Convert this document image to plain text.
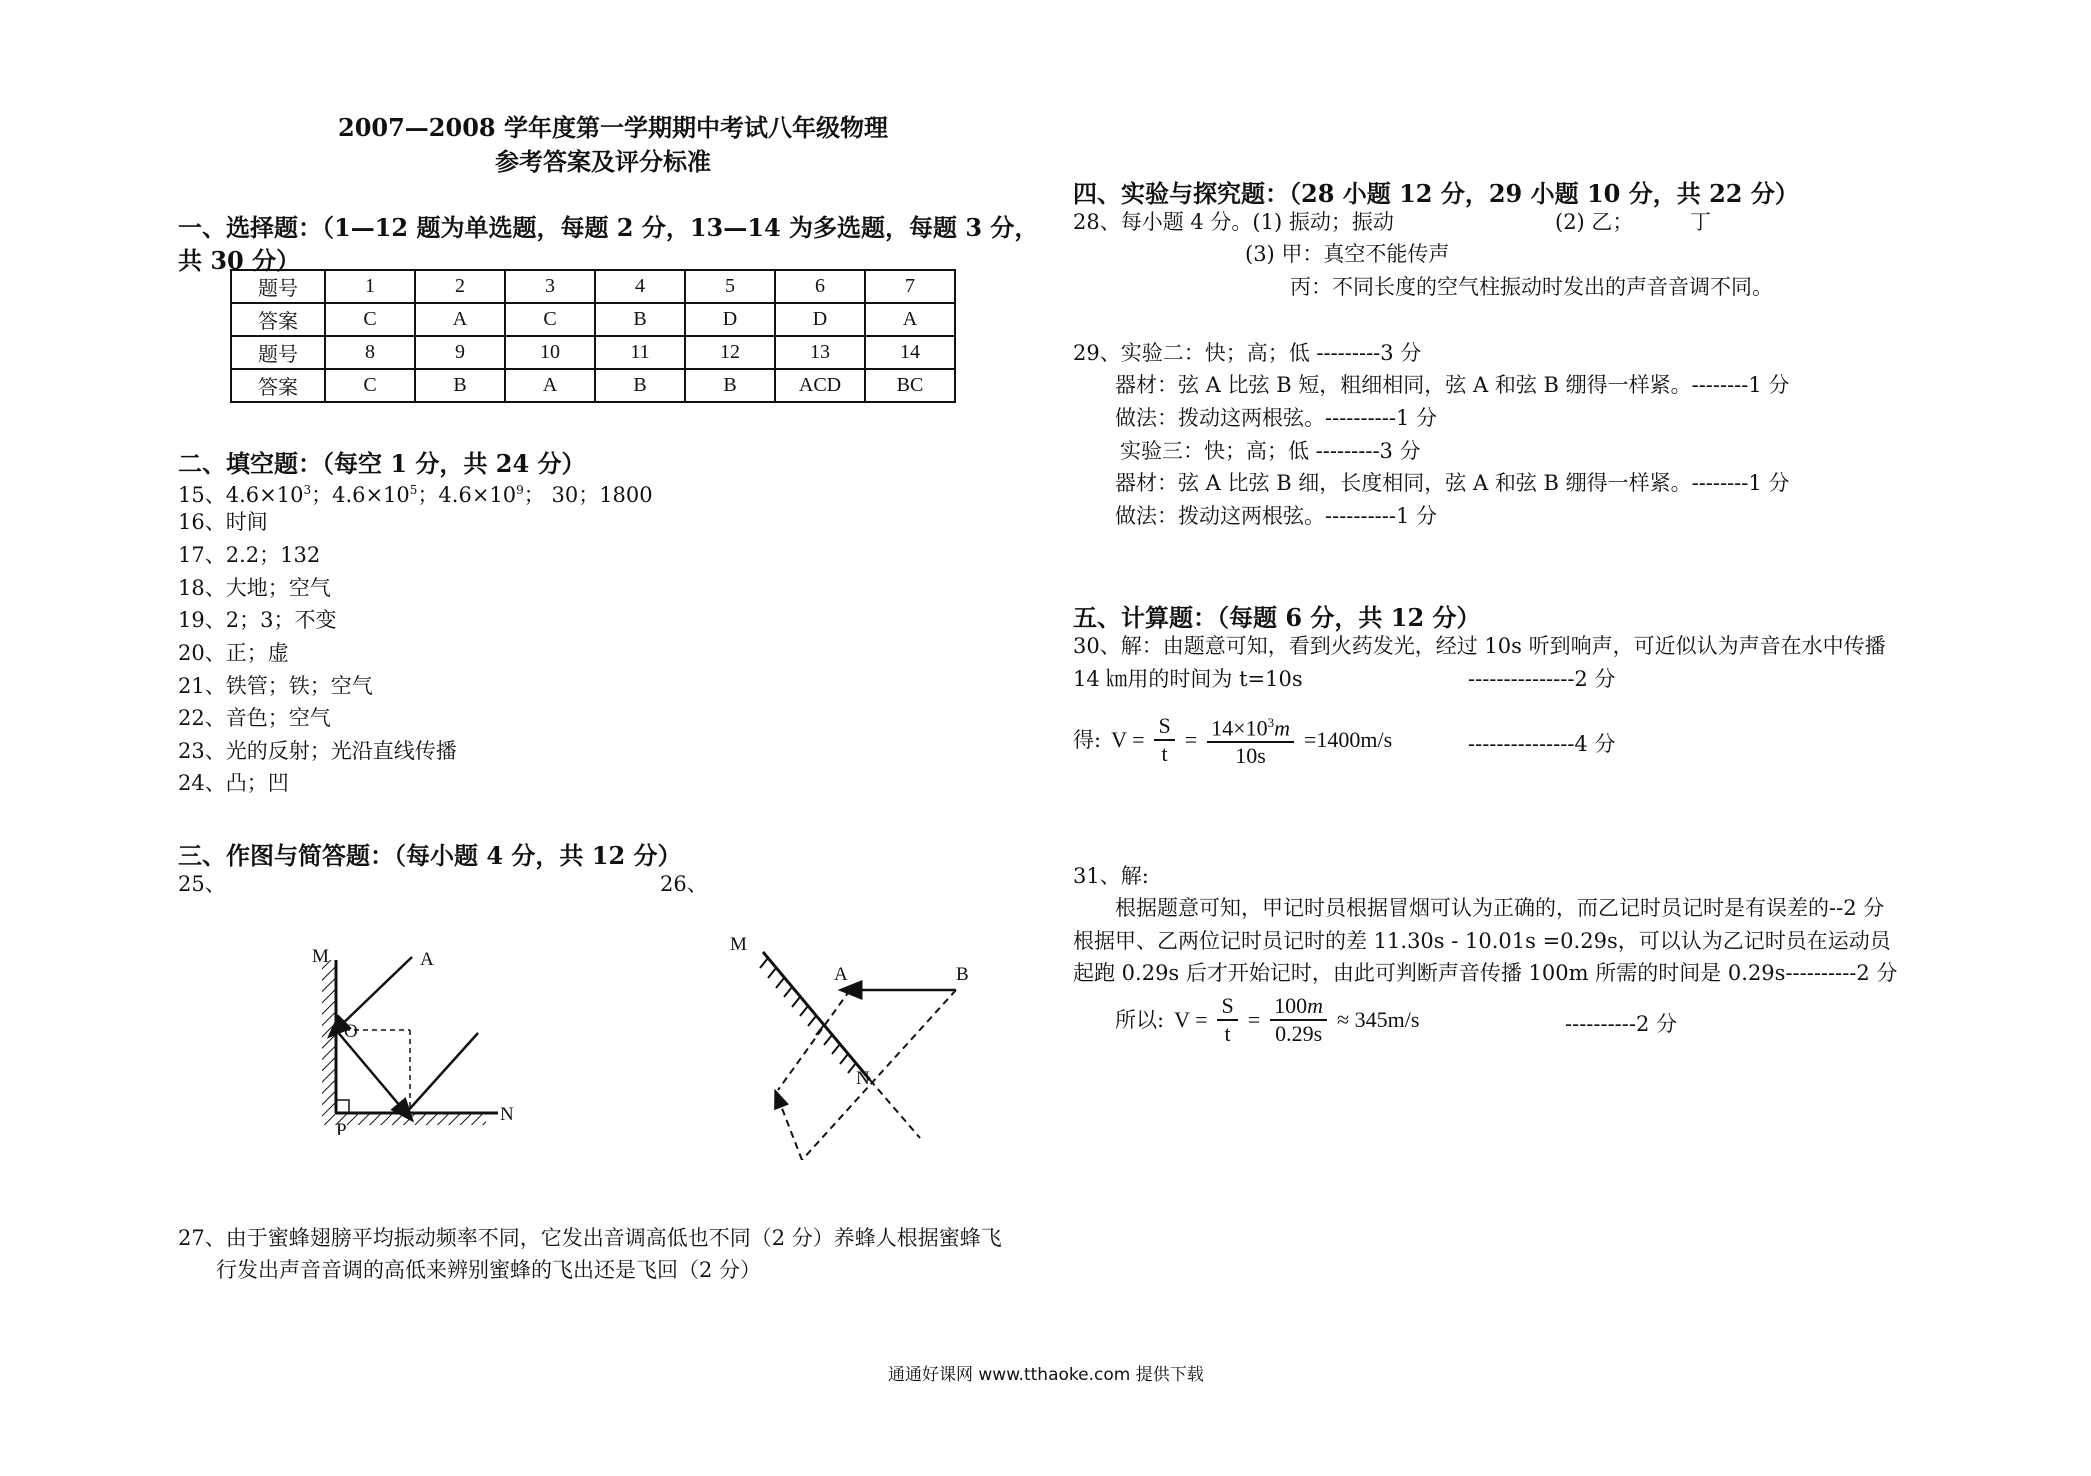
2007—2008 学年度第一学期期中考试八年级物理
参考答案及评分标准
一、选择题：（1—12 题为单选题，每题 2 分，13—14 为多选题，每题 3 分，
共 30 分）
题号	1	2	3	4	5	6	7
答案	C	A	C	B	D	D	A
题号	8	9	10	11	12	13	14
答案	C	B	A	B	B	ACD	BC
二、填空题：（每空 1 分，共 24 分）
15、$4.6\times 10^3$；$4.6\times 10^5$；$4.6\times 10^9$； 30；1800
16、时间
17、2.2；132
18、大地；空气
19、2；3；不变
20、正；虚
21、铁管；铁；空气
22、音色；空气
23、光的反射；光沿直线传播
24、凸；凹
三、作图与简答题：（每小题 4 分，共 12 分）
25、	26、
M	A
O
P
N
M
A	B
N
27、由于蜜蜂翅膀平均振动频率不同，它发出音调高低也不同（2 分）养蜂人根据蜜蜂飞
行发出声音音调的高低来辨别蜜蜂的飞出还是飞回（2 分）
四、实验与探究题：（28 小题 12 分，29 小题 10 分，共 22 分）
28、每小题 4 分。(1) 振动；振动	(2) 乙；	丁
(3) 甲：真空不能传声
丙：不同长度的空气柱振动时发出的声音音调不同。
29、实验二：快；高；低 ---------3 分
器材：弦 A 比弦 B 短，粗细相同，弦 A 和弦 B 绷得一样紧。--------1 分
做法：拨动这两根弦。----------1 分
实验三：快；高；低 ---------3 分
器材：弦 A 比弦 B 细，长度相同，弦 A 和弦 B 绷得一样紧。--------1 分
做法：拨动这两根弦。----------1 分
五、计算题：（每题 6 分，共 12 分）
30、解：由题意可知，看到火药发光，经过 10s 听到响声，可近似认为声音在水中传播
14 ㎞用的时间为 t=10s	---------------2 分
得: $V = \frac{S}{t} = \frac{14\times 10^3m}{10s} =1400m/s$	---------------4 分
31、解:
根据题意可知，甲记时员根据冒烟可认为正确的，而乙记时员记时是有误差的--2 分
根据甲、乙两位记时员记时的差 11.30s - 10.01s =0.29s，可以认为乙记时员在运动员
起跑 0.29s 后才开始记时，由此可判断声音传播 100m 所需的时间是 0.29s----------2 分
所以: $V = \frac{S}{t} = \frac{100m}{0.29s} \approx 345m/s$	----------2 分
通通好课网 www.tthaoke.com 提供下载
